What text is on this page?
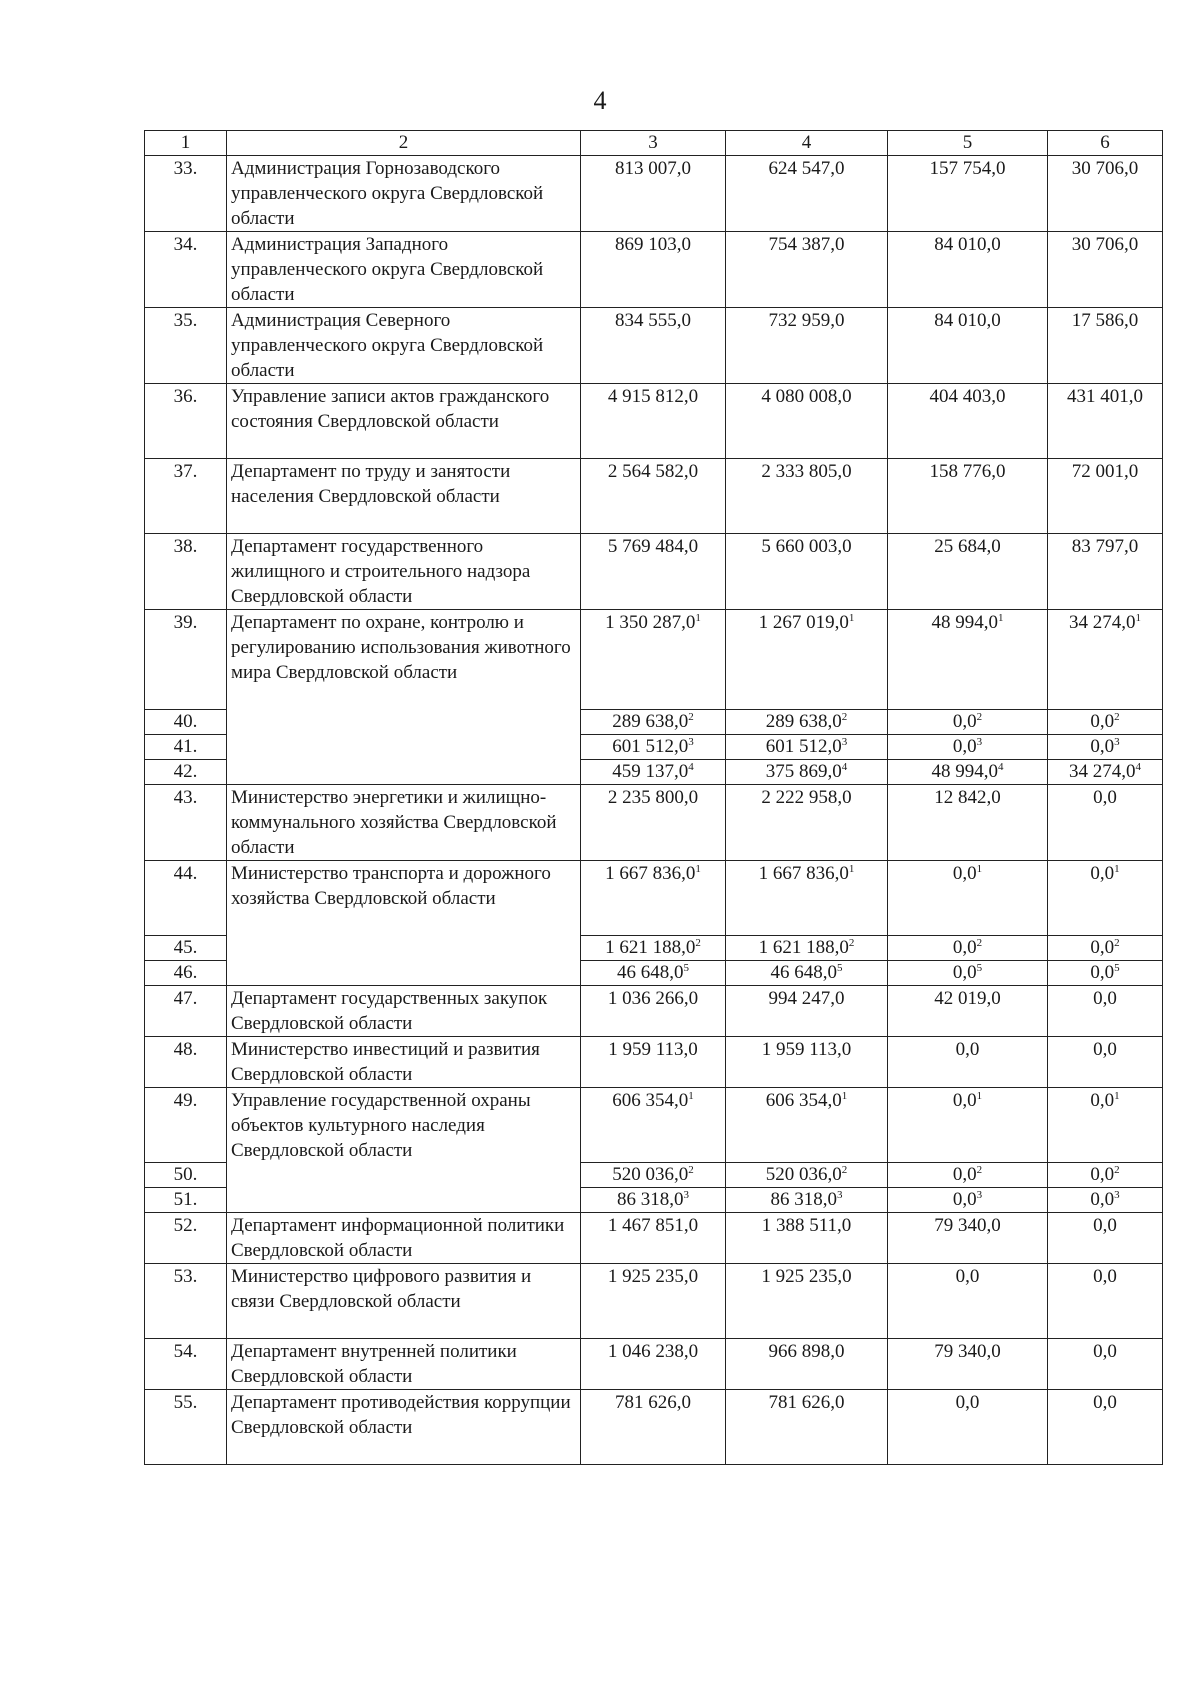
4
1	2	3	4	5	6
33.	Администрация Горнозаводского управленческого округа Свердловской области	813 007,0	624 547,0	157 754,0	30 706,0
34.	Администрация Западного управленческого округа Свердловской области	869 103,0	754 387,0	84 010,0	30 706,0
35.	Администрация Северного управленческого округа Свердловской области	834 555,0	732 959,0	84 010,0	17 586,0
36.	Управление записи актов гражданского состояния Свердловской области	4 915 812,0	4 080 008,0	404 403,0	431 401,0
37.	Департамент по труду и занятости населения Свердловской области	2 564 582,0	2 333 805,0	158 776,0	72 001,0
38.	Департамент государственного жилищного и строительного надзора Свердловской области	5 769 484,0	5 660 003,0	25 684,0	83 797,0
39.	Департамент по охране, контролю и регулированию использования животного мира Свердловской области	1 350 287,0$^1$	1 267 019,0$^1$	48 994,0$^1$	34 274,0$^1$
40.		289 638,0$^2$	289 638,0$^2$	$0,0^2$	$0,0^2$
41.		601 512,0$^3$	601 512,0$^3$	$0,0^3$	$0,0^3$
42.		459 137,0$^4$	375 869,0$^4$	48 994,0$^4$	34 274,0$^4$
43.	Министерство энергетики и жилищно-коммунального хозяйства Свердловской области	2 235 800,0	2 222 958,0	12 842,0	0,0
44.	Министерство транспорта и дорожного хозяйства Свердловской области	1 667 836,0$^1$	1 667 836,0$^1$	$0,0^1$	$0,0^1$
45.		1 621 188,0$^2$	1 621 188,0$^2$	$0,0^2$	$0,0^2$
46.		46 648,0$^5$	46 648,0$^5$	$0,0^5$	$0,0^5$
47.	Департамент государственных закупок Свердловской области	1 036 266,0	994 247,0	42 019,0	0,0
48.	Министерство инвестиций и развития Свердловской области	1 959 113,0	1 959 113,0	0,0	0,0
49.	Управление государственной охраны объектов культурного наследия Свердловской области	606 354,0$^1$	606 354,0$^1$	$0,0^1$	$0,0^1$
50.		520 036,0$^2$	520 036,0$^2$	$0,0^2$	$0,0^2$
51.		86 318,0$^3$	86 318,0$^3$	$0,0^3$	$0,0^3$
52.	Департамент информационной политики Свердловской области	1 467 851,0	1 388 511,0	79 340,0	0,0
53.	Министерство цифрового развития и связи Свердловской области	1 925 235,0	1 925 235,0	0,0	0,0
54.	Департамент внутренней политики Свердловской области	1 046 238,0	966 898,0	79 340,0	0,0
55.	Департамент противодействия коррупции Свердловской области	781 626,0	781 626,0	0,0	0,0
